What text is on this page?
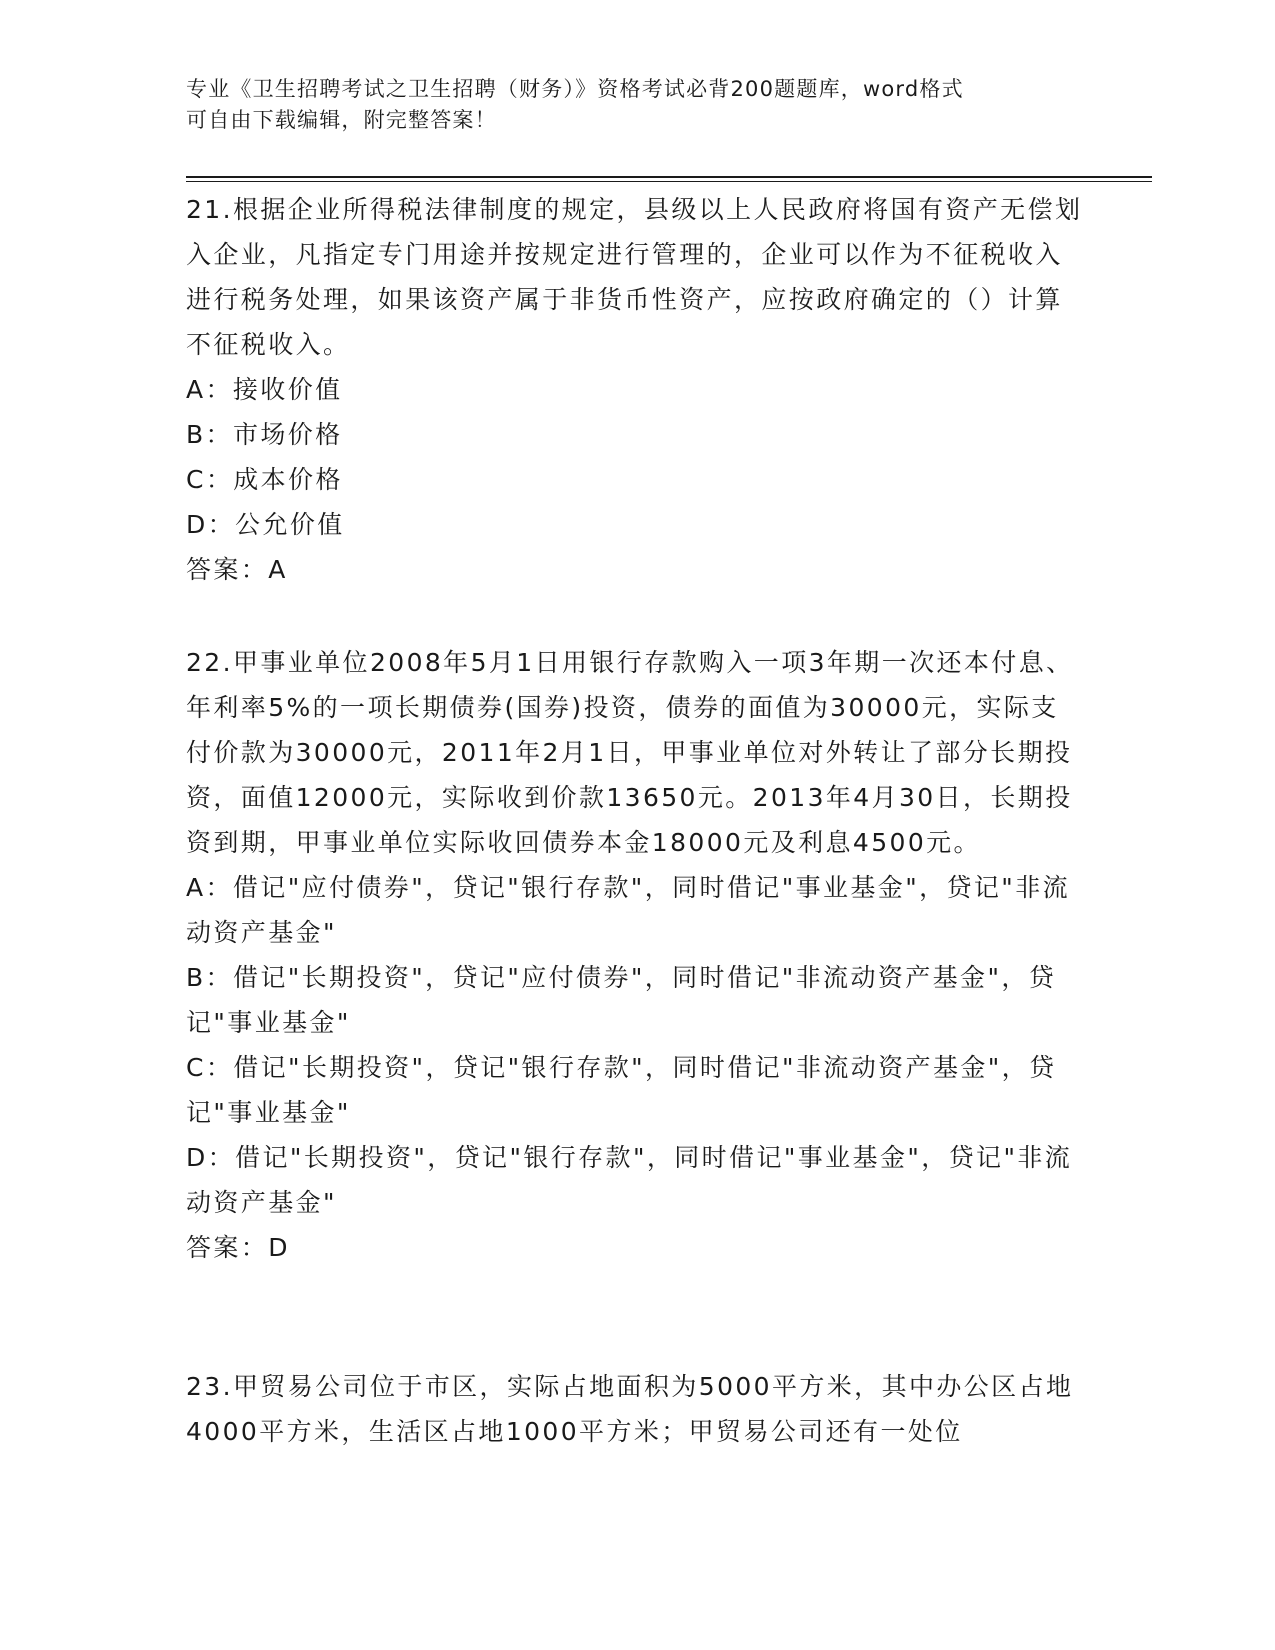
专业《卫生招聘考试之卫生招聘（财务）》资格考试必背200题题库，word格式
可自由下载编辑，附完整答案！
21.根据企业所得税法律制度的规定，县级以上人民政府将国有资产无偿划入企业，凡指定专门用途并按规定进行管理的，企业可以作为不征税收入进行税务处理，如果该资产属于非货币性资产，应按政府确定的（）计算不征税收入。
A：接收价值
B：市场价格
C：成本价格
D：公允价值
答案：A
22.甲事业单位2008年5月1日用银行存款购入一项3年期一次还本付息、年利率5%的一项长期债券(国券)投资，债券的面值为30000元，实际支付价款为30000元，2011年2月1日，甲事业单位对外转让了部分长期投资，面值12000元，实际收到价款13650元。2013年4月30日，长期投资到期，甲事业单位实际收回债券本金18000元及利息4500元。
A：借记"应付债券"，贷记"银行存款"，同时借记"事业基金"，贷记"非流动资产基金"
B：借记"长期投资"，贷记"应付债券"，同时借记"非流动资产基金"，贷记"事业基金"
C：借记"长期投资"，贷记"银行存款"，同时借记"非流动资产基金"，贷记"事业基金"
D：借记"长期投资"，贷记"银行存款"，同时借记"事业基金"，贷记"非流动资产基金"
答案：D
23.甲贸易公司位于市区，实际占地面积为5000平方米，其中办公区占地4000平方米，生活区占地1000平方米；甲贸易公司还有一处位
